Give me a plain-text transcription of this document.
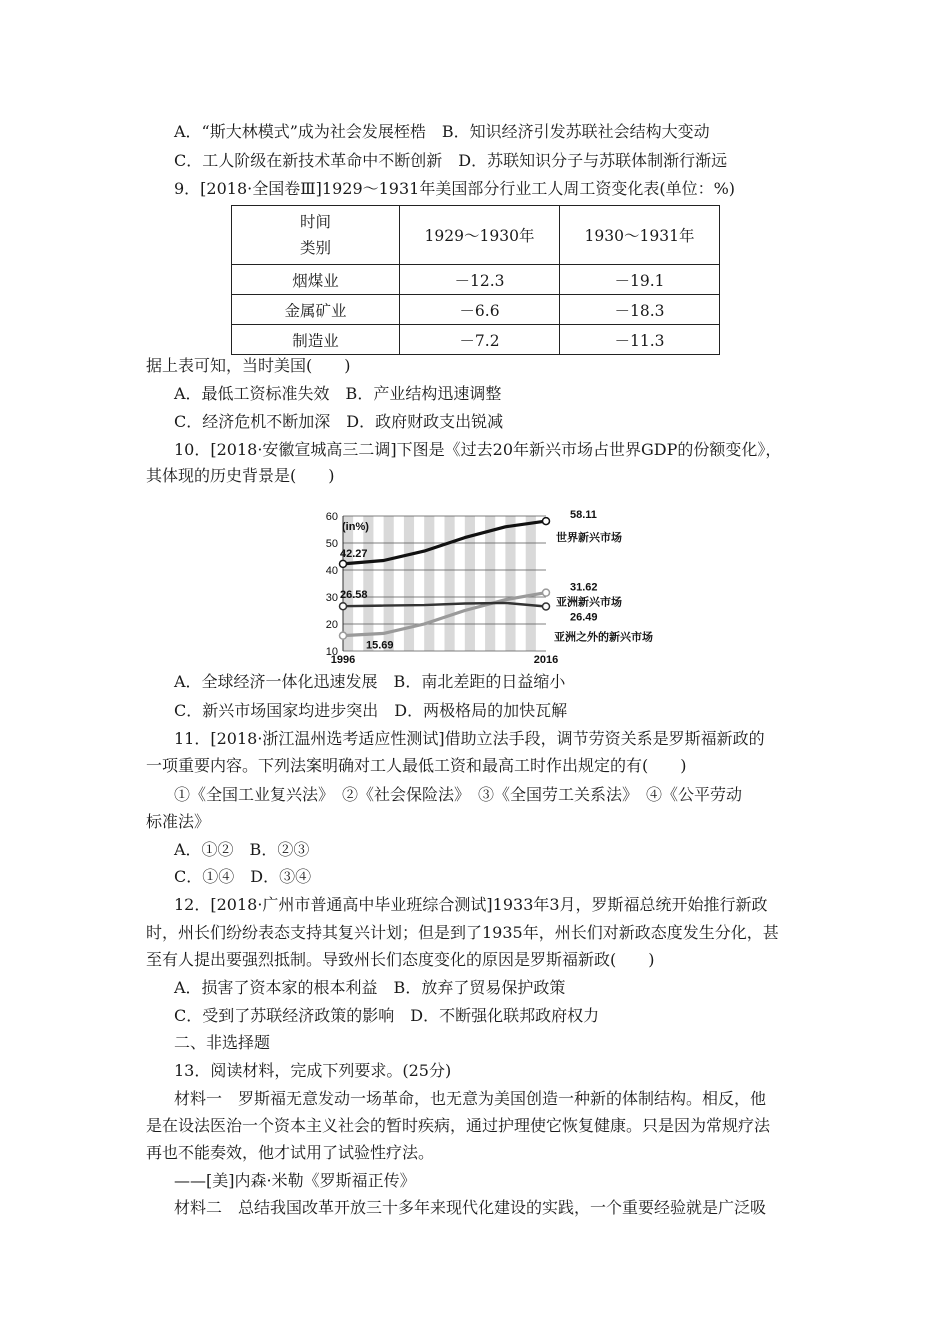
A．“斯大林模式”成为社会发展桎梏　B．知识经济引发苏联社会结构大变动
C．工人阶级在新技术革命中不断创新　D．苏联知识分子与苏联体制渐行渐远
9．[2018·全国卷Ⅲ]1929～1931年美国部分行业工人周工资变化表(单位：%)
时间
类别	1929～1930年	1930～1931年
烟煤业	－12.3	－19.1
金属矿业	－6.6	－18.3
制造业	－7.2	－11.3
据上表可知，当时美国(　　)
A．最低工资标准失效　B．产业结构迅速调整
C．经济危机不断加深　D．政府财政支出锐减
10．[2018·安徽宣城高三二调]下图是《过去20年新兴市场占世界GDP的份额变化》，
其体现的历史背景是(　　)
60
50
40
30
20
10
1996	2016
(in%)
42.27
58.11
世界新兴市场
15.69
31.62
亚洲新兴市场
26.58
26.49
亚洲之外的新兴市场
A．全球经济一体化迅速发展　B．南北差距的日益缩小
C．新兴市场国家均进步突出　D．两极格局的加快瓦解
11．[2018·浙江温州选考适应性测试]借助立法手段，调节劳资关系是罗斯福新政的
一项重要内容。下列法案明确对工人最低工资和最高工时作出规定的有(　　)
①《全国工业复兴法》　②《社会保险法》　③《全国劳工关系法》　④《公平劳动
标准法》
A．①②　B．②③
C．①④　D．③④
12．[2018·广州市普通高中毕业班综合测试]1933年3月，罗斯福总统开始推行新政
时，州长们纷纷表态支持其复兴计划；但是到了1935年，州长们对新政态度发生分化，甚
至有人提出要强烈抵制。导致州长们态度变化的原因是罗斯福新政(　　)
A．损害了资本家的根本利益　B．放弃了贸易保护政策
C．受到了苏联经济政策的影响　D．不断强化联邦政府权力
二、非选择题
13．阅读材料，完成下列要求。(25分)
材料一　罗斯福无意发动一场革命，也无意为美国创造一种新的体制结构。相反，他
是在设法医治一个资本主义社会的暂时疾病，通过护理使它恢复健康。只是因为常规疗法
再也不能奏效，他才试用了试验性疗法。
——[美]内森·米勒《罗斯福正传》
材料二　总结我国改革开放三十多年来现代化建设的实践，一个重要经验就是广泛吸
